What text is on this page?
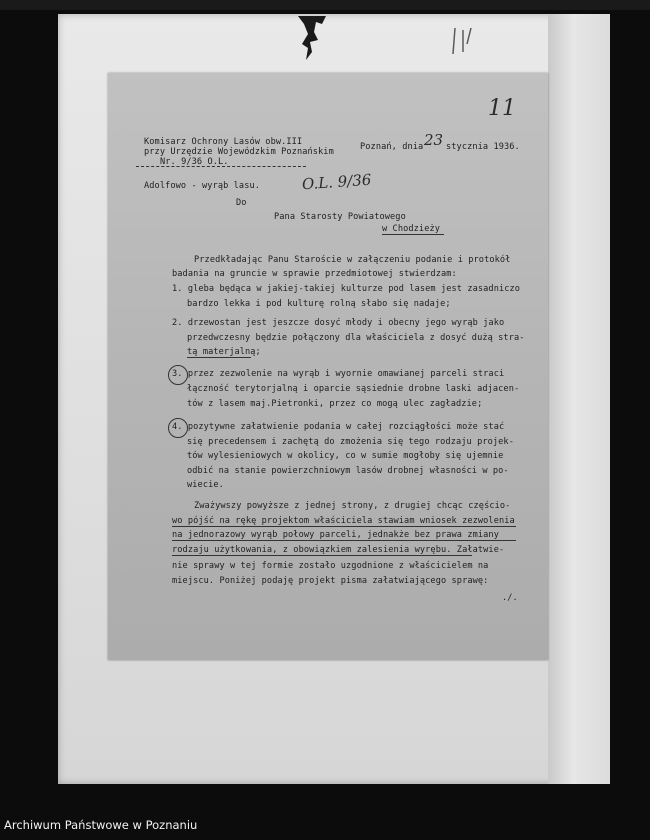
Komisarz Ochrony Lasów obw.III
przy Urzędzie Wojewódzkim Poznańskim
Nr. 9/36 O.L.
Poznań, dnia 23 stycznia 1936.
Adolfowo - wyrąb lasu.	O.L. 9/36
Do
Pana Starosty Powiatowego
w Chodzieży
Przedkładając Panu Staroście w załączeniu podanie i protokół
badania na gruncie w sprawie przedmiotowej stwierdzam:
1. gleba będąca w jakiej-takiej kulturze pod lasem jest zasadniczo
bardzo lekka i pod kulturę rolną słabo się nadaje;
2. drzewostan jest jeszcze dosyć młody i obecny jego wyrąb jako
przedwczesny będzie połączony dla właściciela z dosyć dużą stra-
tą materjalną;
3. przez zezwolenie na wyrąb i wyornie omawianej parceli straci
łączność terytorjalną i oparcie sąsiednie drobne laski adjacen-
tów z lasem maj.Pietronki, przez co mogą ulec zagładzie;
4. pozytywne załatwienie podania w całej rozciągłości może stać
się precedensem i zachętą do zmożenia się tego rodzaju projek-
tów wylesieniowych w okolicy, co w sumie mogłoby się ujemnie
odbić na stanie powierzchniowym lasów drobnej własności w po-
wiecie.
Zważywszy powyższe z jednej strony, z drugiej chcąc częścio-
wo pójść na rękę projektom właściciela stawiam wniosek zezwolenia
na jednorazowy wyrąb połowy parceli, jednakże bez prawa zmiany
rodzaju użytkowania, z obowiązkiem zalesienia wyrębu. Załatwie-
nie sprawy w tej formie zostało uzgodnione z właścicielem na
miejscu. Poniżej podaję projekt pisma załatwiającego sprawę:
./.
11
Archiwum Państwowe w Poznaniu
